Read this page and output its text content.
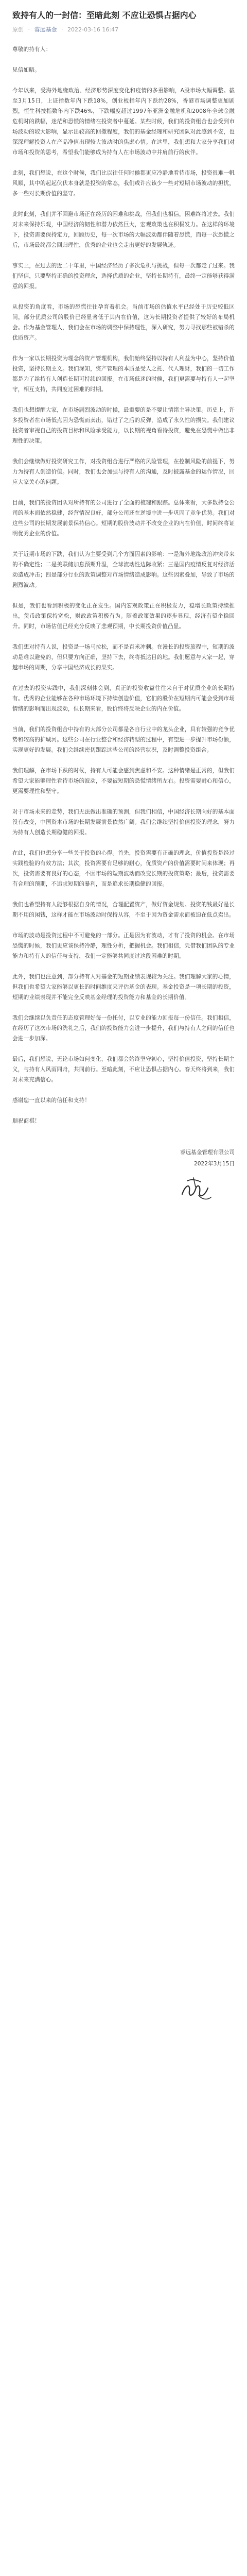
致持有人的一封信：至暗此刻 不应让恐惧占据内心
原创 · 睿远基金 · 2022-03-16 16:47

尊敬的持有人：

见信如晤。

今年以来，受海外地缘政治、经济形势深度变化和疫情的多重影响，A股市场大幅调整。截至3月15日，上证指数年内下跌18%，创业板指年内下跌约28%，香港市场调整更加剧烈，恒生科技指数年内下跌46%，下跌幅度超过1997年亚洲金融危机和2008年全球金融危机时的跌幅，迷茫和恐慌的情绪在投资者中蔓延。某些时候，我们的投资组合也会受到市场波动的较大影响，显示出较高的回撤程度，我们的基金经理和研究团队对此感到不安，也深深理解投资人在产品净值出现较大波动时的焦虑心情。在这里，我们想和大家分享我们对市场和投资的思考，希望我们能够成为持有人在市场波动中并肩前行的伙伴。

此刻，我们想说，在这个时候，我们比以往任何时候都更应冷静地看待市场，投资很难一帆风顺，其中的起起伏伏本身就是投资的常态，我们或许应该少一些对短期市场波动的担忧，多一些对长期价值的坚守。

此时此刻，我们并不回避市场正在经历的困难和挑战，但我们也相信，困难终将过去。我们对未来保持乐观，中国经济的韧性和潜力依然巨大，宏观政策也在积极发力。在这样的环境下，投资需要保持定力，回顾历史，每一次市场的大幅波动都伴随着恐慌，而每一次恐慌之后，市场最终都会回归理性，优秀的企业也会走出更好的发展轨迹。

事实上，在过去的近二十年里，中国经济经历了多次危机与挑战，但每一次都走了过来。我们坚信，只要坚持正确的投资理念，选择优质的企业，坚持长期持有，最终一定能够获得满意的回报。

从投资的角度看，市场的恐慌往往孕育着机会。当前市场的估值水平已经处于历史较低区间，部分优质公司的股价已经显著低于其内在价值，这为长期投资者提供了较好的布局机会。作为基金管理人，我们会在市场的调整中保持理性，深入研究，努力寻找那些被错杀的优质资产。

作为一家以长期投资为理念的资产管理机构，我们始终坚持以持有人利益为中心，坚持价值投资，坚持长期主义。我们深知，资产管理的本质是受人之托、代人理财，我们的一切工作都是为了给持有人创造长期可持续的回报。在市场低迷的时候，我们更需要与持有人一起坚守，相互支持，共同度过困难的时期。

我们也想提醒大家，在市场剧烈波动的时候，最重要的是不要让情绪主导决策。历史上，许多投资者在市场低点因为恐慌而卖出，错过了之后的反弹，造成了永久性的损失。我们建议投资者审视自己的投资目标和风险承受能力，以长期的视角看待投资，避免在恐慌中做出非理性的决策。

我们会继续做好投资研究工作，对投资组合进行严格的风险管理，在控制风险的前提下，努力为持有人创造价值。同时，我们也会加强与持有人的沟通，及时披露基金的运作情况，回应大家关心的问题。

目前，我们的投资团队对所持有的公司进行了全面的梳理和跟踪。总体来看，大多数持仓公司的基本面依然稳健，经营情况良好，部分公司还在逆境中进一步巩固了竞争优势。我们对这些公司的长期发展前景保持信心。短期的股价波动并不改变企业的内在价值，时间终将证明优秀企业的价值。

关于近期市场的下跌，我们认为主要受到几个方面因素的影响：一是海外地缘政治冲突带来的不确定性；二是美联储加息预期升温，全球流动性边际收紧；三是国内疫情反复对经济活动造成冲击；四是部分行业的政策调整对市场情绪造成影响。这些因素叠加，导致了市场的剧烈波动。

但是，我们也看到积极的变化正在发生。国内宏观政策正在积极发力，稳增长政策持续推出，货币政策保持宽松，财政政策积极有为。随着政策效果的逐步显现，经济有望企稳回升。同时，市场估值已经充分反映了悲观预期，中长期投资价值凸显。

我们想对持有人说，投资是一场马拉松，而不是百米冲刺。在漫长的投资旅程中，短期的波动是难以避免的，但只要方向正确，坚持下去，终将抵达目的地。我们愿意与大家一起，穿越市场的周期，分享中国经济成长的果实。

在过去的投资实践中，我们深刻体会到，真正的投资收益往往来自于对优质企业的长期持有。优秀的企业能够在各种市场环境下持续创造价值，它们的股价在短期内可能会受到市场情绪的影响而出现波动，但长期来看，股价终将反映企业的内在价值。

当前，我们的投资组合中持有的大部分公司都是各自行业中的龙头企业，具有较强的竞争优势和较高的护城河。这些公司在行业整合和经济转型的过程中，有望进一步提升市场份额，实现更好的发展。我们会继续密切跟踪这些公司的经营状况，及时调整投资组合。

我们理解，在市场下跌的时候，持有人可能会感到焦虑和不安。这种情绪是正常的，但我们希望大家能够理性看待市场的波动，不要被短期的恐慌情绪所左右。投资需要耐心和信心，更需要理性和坚守。

对于市场未来的走势，我们无法做出准确的预测，但我们相信，中国经济长期向好的基本面没有改变，中国资本市场的长期发展前景依然广阔。我们会继续坚持价值投资的理念，努力为持有人创造长期稳健的回报。

在此，我们也想分享一些关于投资的心得。首先，投资需要有正确的理念，价值投资是经过实践检验的有效方法；其次，投资需要有足够的耐心，优质资产的价值需要时间来体现；再次，投资需要有良好的心态，不因市场的短期波动而改变长期的投资策略；最后，投资需要有合理的预期，不追求短期的暴利，而是追求长期稳健的回报。

我们也希望持有人能够根据自身的情况，合理配置资产，做好资金规划。投资的钱最好是长期不用的闲钱，这样才能在市场波动时保持从容，不至于因为资金需求而被迫在低点卖出。

市场的波动是投资过程中不可避免的一部分。正是因为有波动，才有了投资的机会。在市场恐慌的时候，我们更应该保持冷静，理性分析，把握机会。我们相信，凭借我们团队的专业能力和持有人的信任与支持，我们一定能够共同度过这段困难的时期。

此外，我们也注意到，部分持有人对基金的短期业绩表现较为关注。我们理解大家的心情，但我们也希望大家能够以更长的时间维度来评估基金的表现。基金投资是一项长期的投资，短期的业绩表现并不能完全反映基金经理的投资能力和基金的长期价值。

我们会继续以负责任的态度管理好每一份托付，以专业的能力回报每一份信任。我们相信，在经历了这次市场的洗礼之后，我们的投资能力会进一步提升，我们与持有人之间的信任也会进一步加深。

最后，我们想说，无论市场如何变化，我们都会始终坚守初心，坚持价值投资，坚持长期主义，与持有人风雨同舟，共同前行。至暗此刻，不应让恐惧占据内心。春天终将到来，我们对未来充满信心。

感谢您一直以来的信任和支持！

顺祝商祺！

睿远基金管理有限公司
2022年3月15日
